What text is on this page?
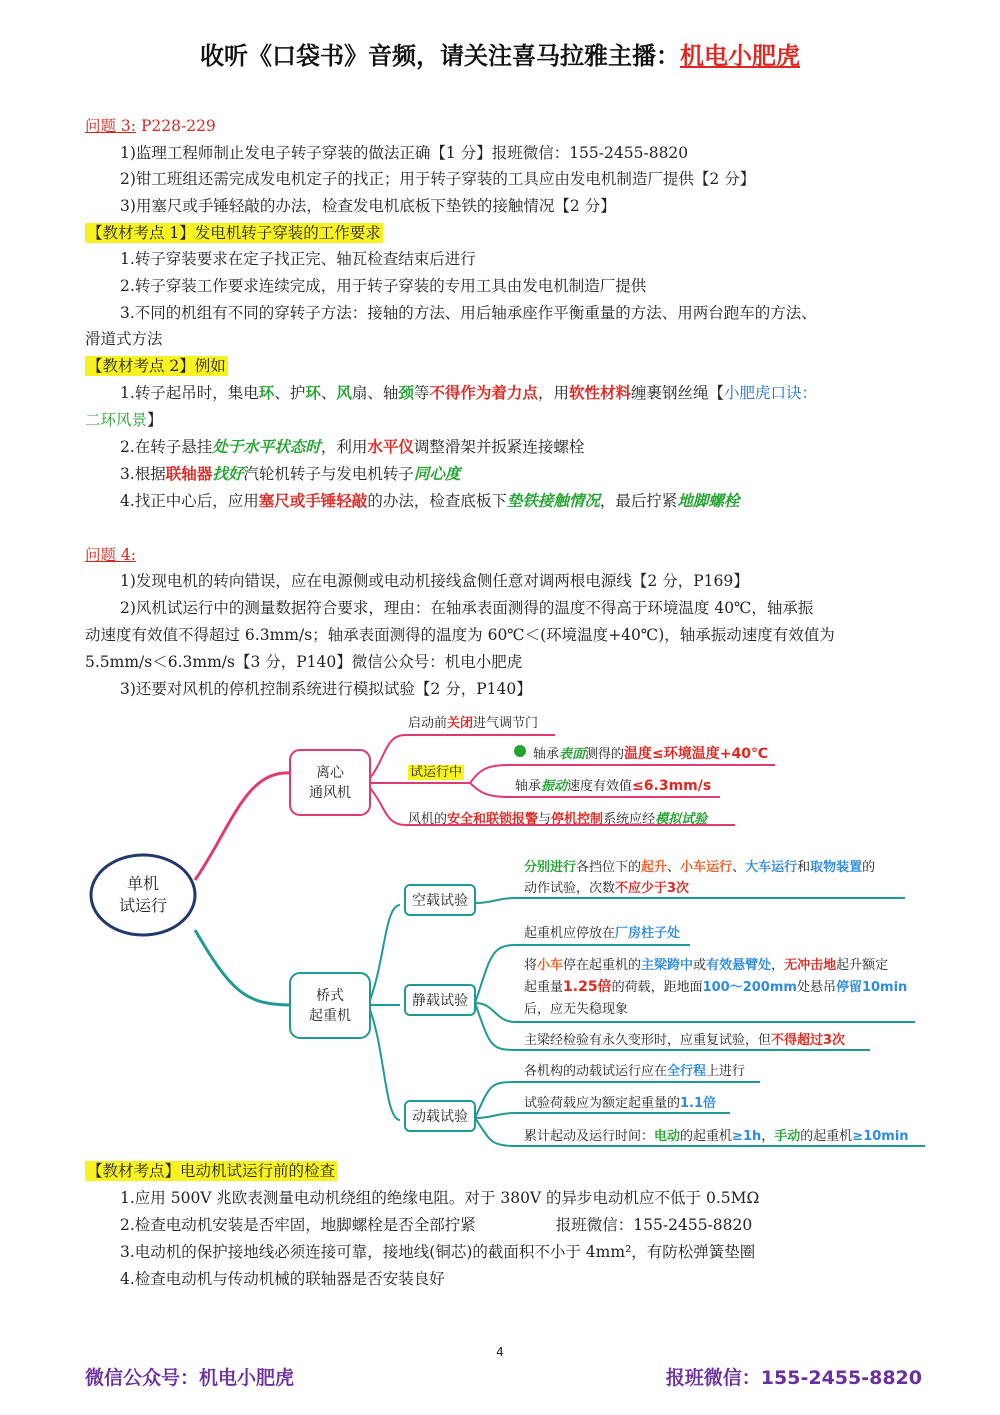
收听《口袋书》音频，请关注喜马拉雅主播：机电小肥虎
问题 3: P228-229
1)监理工程师制止发电子转子穿装的做法正确【1 分】报班微信：155-2455-8820
2)钳工班组还需完成发电机定子的找正；用于转子穿装的工具应由发电机制造厂提供【2 分】
3)用塞尺或手锤轻敲的办法，检查发电机底板下垫铁的接触情况【2 分】
【教材考点 1】发电机转子穿装的工作要求
1.转子穿装要求在定子找正完、轴瓦检查结束后进行
2.转子穿装工作要求连续完成，用于转子穿装的专用工具由发电机制造厂提供
3.不同的机组有不同的穿转子方法：接轴的方法、用后轴承座作平衡重量的方法、用两台跑车的方法、
滑道式方法
【教材考点 2】例如
1.转子起吊时，集电环、护环、风扇、轴颈等不得作为着力点，用软性材料缠裹钢丝绳【小肥虎口诀：
二环风景】
2.在转子悬挂处于水平状态时，利用水平仪调整滑架并扳紧连接螺栓
3.根据联轴器找好汽轮机转子与发电机转子同心度
4.找正中心后，应用塞尺或手锤轻敲的办法，检查底板下垫铁接触情况，最后拧紧地脚螺栓
问题 4:
1)发现电机的转向错误，应在电源侧或电动机接线盒侧任意对调两根电源线【2 分，P169】
2)风机试运行中的测量数据符合要求，理由：在轴承表面测得的温度不得高于环境温度 40℃，轴承振
动速度有效值不得超过 6.3mm/s；轴承表面测得的温度为 60℃＜(环境温度+40℃)，轴承振动速度有效值为
5.5mm/s＜6.3mm/s【3 分，P140】微信公众号：机电小肥虎
3)还要对风机的停机控制系统进行模拟试验【2 分，P140】
单机
试运行
离心
通风机
桥式
起重机
启动前关闭进气调节门
试运行中
轴承表面测得的温度≤环境温度+40℃
轴承振动速度有效值≤6.3mm/s
风机的安全和联锁报警与停机控制系统应经模拟试验
空载试验
静载试验
动载试验
分别进行各挡位下的起升、小车运行、大车运行和取物装置的
动作试验，次数不应少于3次
起重机应停放在厂房柱子处
将小车停在起重机的主梁跨中或有效悬臂处，无冲击地起升额定
起重量1.25倍的荷载，距地面100～200mm处悬吊停留10min
后，应无失稳现象
主梁经检验有永久变形时，应重复试验，但不得超过3次
各机构的动载试运行应在全行程上进行
试验荷载应为额定起重量的1.1倍
累计起动及运行时间：电动的起重机≥1h，手动的起重机≥10min
【教材考点】电动机试运行前的检查
1.应用 500V 兆欧表测量电动机绕组的绝缘电阻。对于 380V 的异步电动机应不低于 0.5MΩ
2.检查电动机安装是否牢固，地脚螺栓是否全部拧紧	报班微信：155-2455-8820
3.电动机的保护接地线必须连接可靠，接地线(铜芯)的截面积不小于 4mm²，有防松弹簧垫圈
4.检查电动机与传动机械的联轴器是否安装良好
4
微信公众号：机电小肥虎	报班微信：155-2455-8820
